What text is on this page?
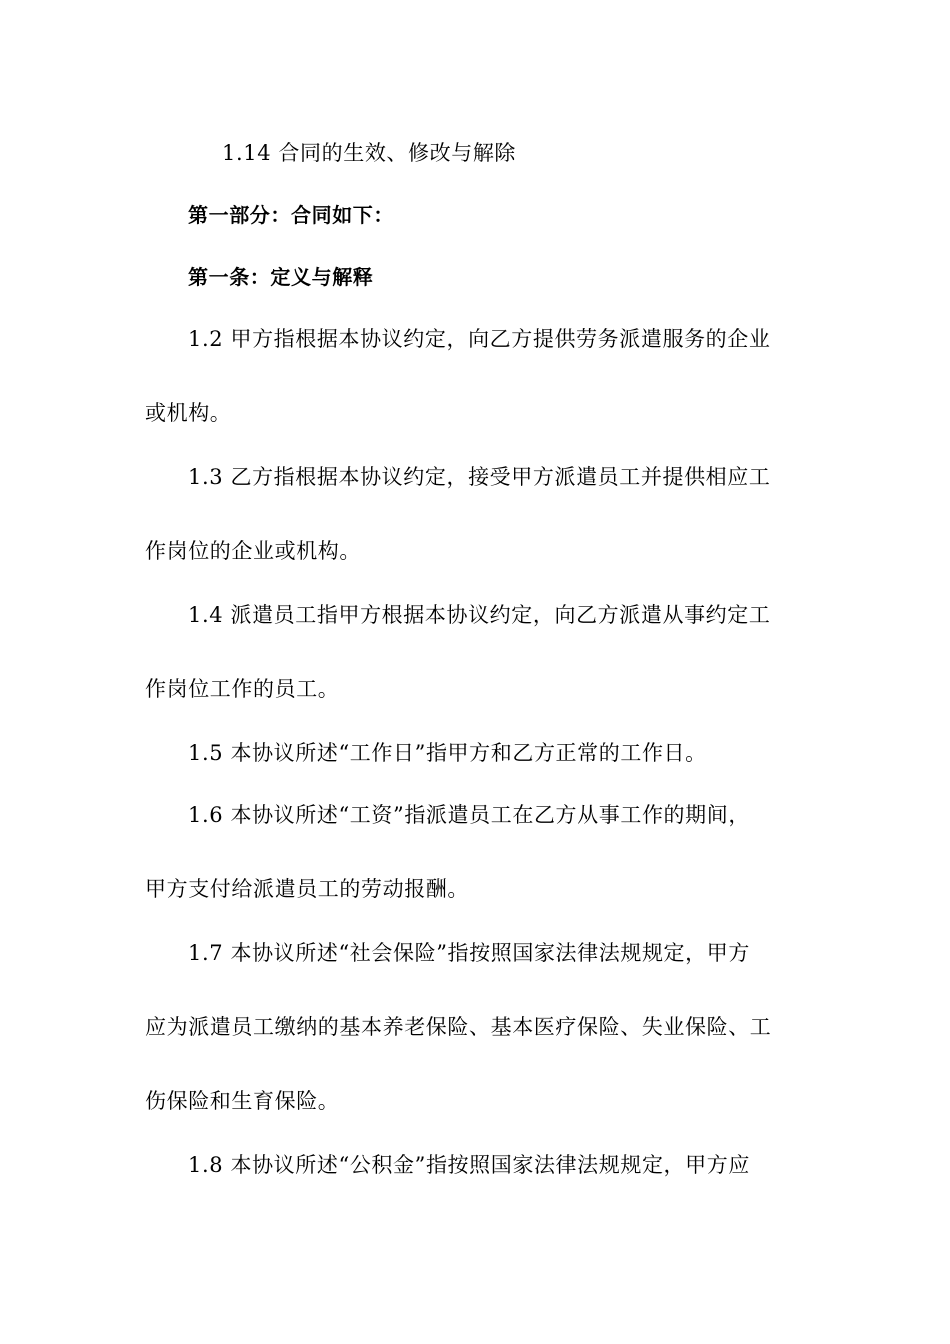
1.14 合同的生效、修改与解除
第一部分：合同如下：
第一条：定义与解释
1.2 甲方指根据本协议约定，向乙方提供劳务派遣服务的企业
或机构。
1.3 乙方指根据本协议约定，接受甲方派遣员工并提供相应工
作岗位的企业或机构。
1.4 派遣员工指甲方根据本协议约定，向乙方派遣从事约定工
作岗位工作的员工。
1.5 本协议所述“工作日”指甲方和乙方正常的工作日。
1.6 本协议所述“工资”指派遣员工在乙方从事工作的期间，
甲方支付给派遣员工的劳动报酬。
1.7 本协议所述“社会保险”指按照国家法律法规规定，甲方
应为派遣员工缴纳的基本养老保险、基本医疗保险、失业保险、工
伤保险和生育保险。
1.8 本协议所述“公积金”指按照国家法律法规规定，甲方应
